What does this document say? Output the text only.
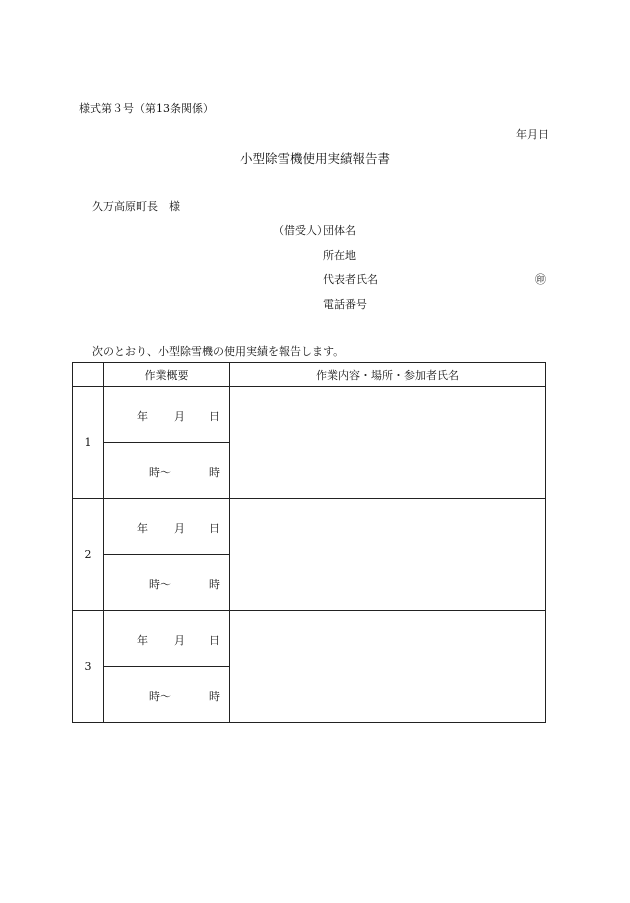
様式第３号（第13条関係）
年月日
小型除雪機使用実績報告書
久万高原町長　様
（借受人）
団体名
所在地
代表者氏名	㊞
電話番号
次のとおり、小型除雪機の使用実績を報告します。
	作業概要	作業内容・場所・参加者氏名
1	年 月 日	

	時〜 時	

2	年 月 日	

	時〜 時	

3	年 月 日	

	時〜 時	
